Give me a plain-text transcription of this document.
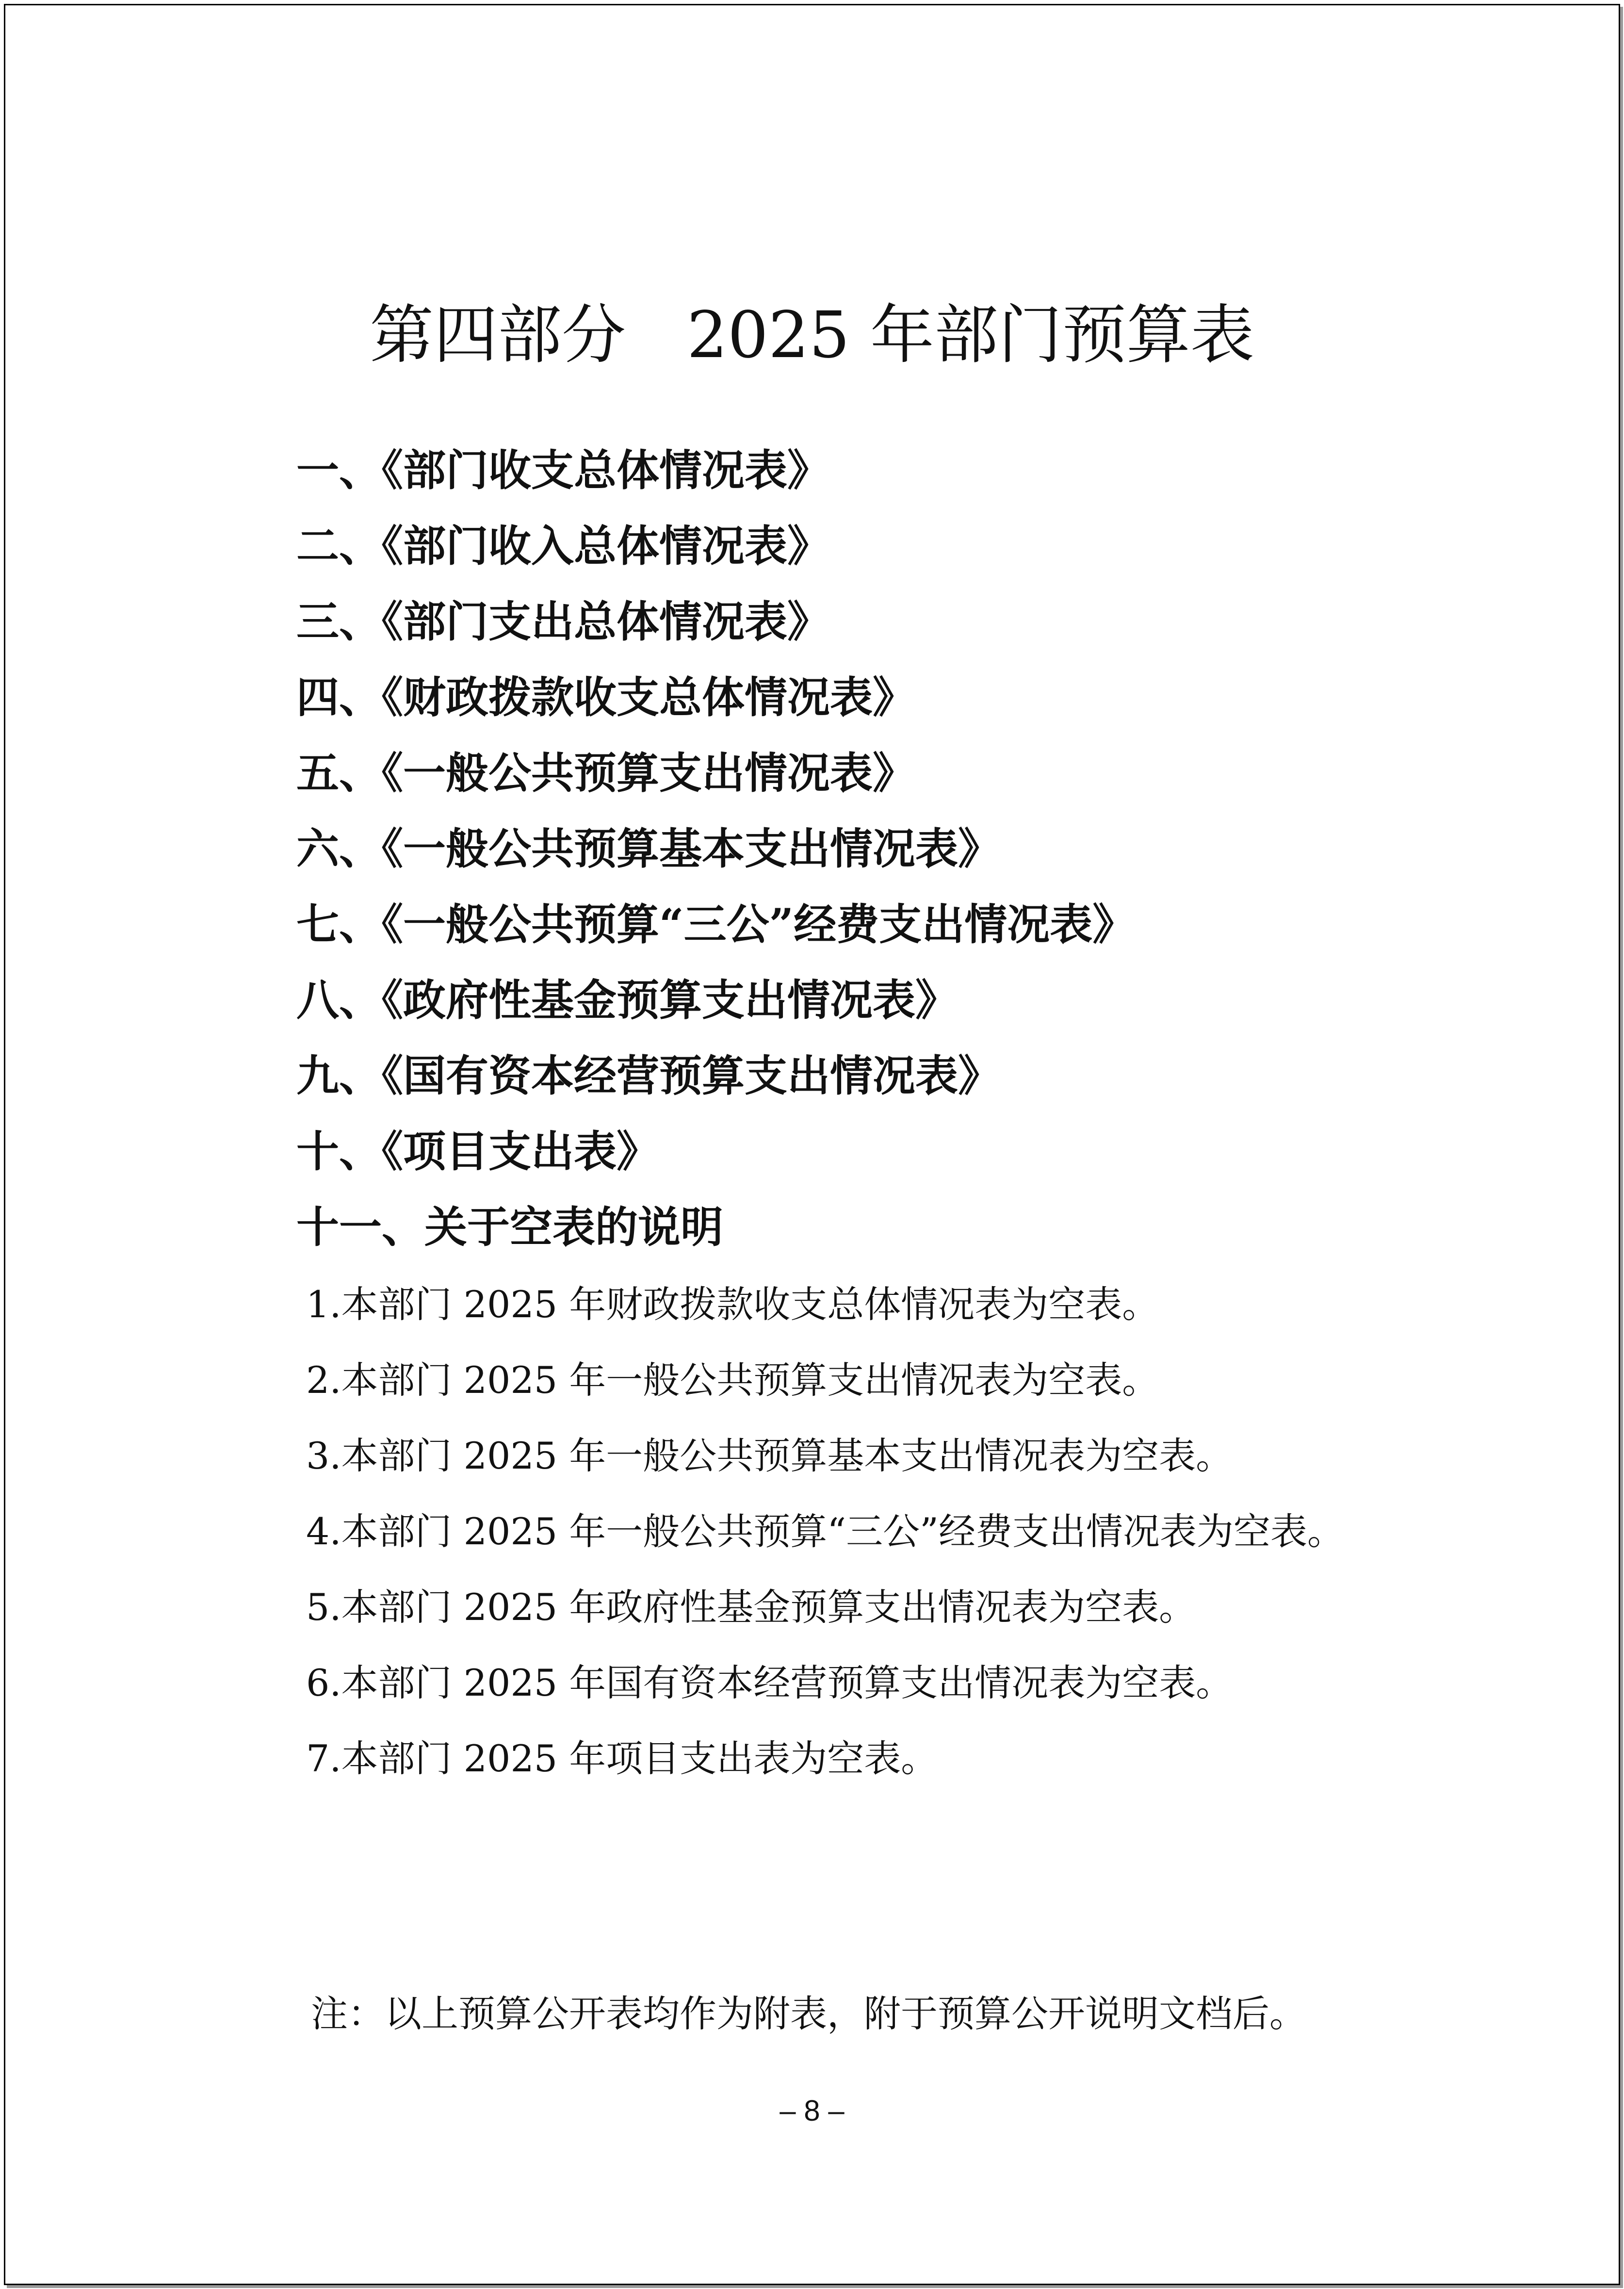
第四部分   2025 年部门预算表
一、《部门收支总体情况表》
二、《部门收入总体情况表》
三、《部门支出总体情况表》
四、《财政拨款收支总体情况表》
五、《一般公共预算支出情况表》
六、《一般公共预算基本支出情况表》
七、《一般公共预算“三公”经费支出情况表》
八、《政府性基金预算支出情况表》
九、《国有资本经营预算支出情况表》
十、《项目支出表》
十一、关于空表的说明
1.本部门 2025 年财政拨款收支总体情况表为空表。
2.本部门 2025 年一般公共预算支出情况表为空表。
3.本部门 2025 年一般公共预算基本支出情况表为空表。
4.本部门 2025 年一般公共预算“三公”经费支出情况表为空表。
5.本部门 2025 年政府性基金预算支出情况表为空表。
6.本部门 2025 年国有资本经营预算支出情况表为空表。
7.本部门 2025 年项目支出表为空表。
注：以上预算公开表均作为附表，附于预算公开说明文档后。
– 8 –
